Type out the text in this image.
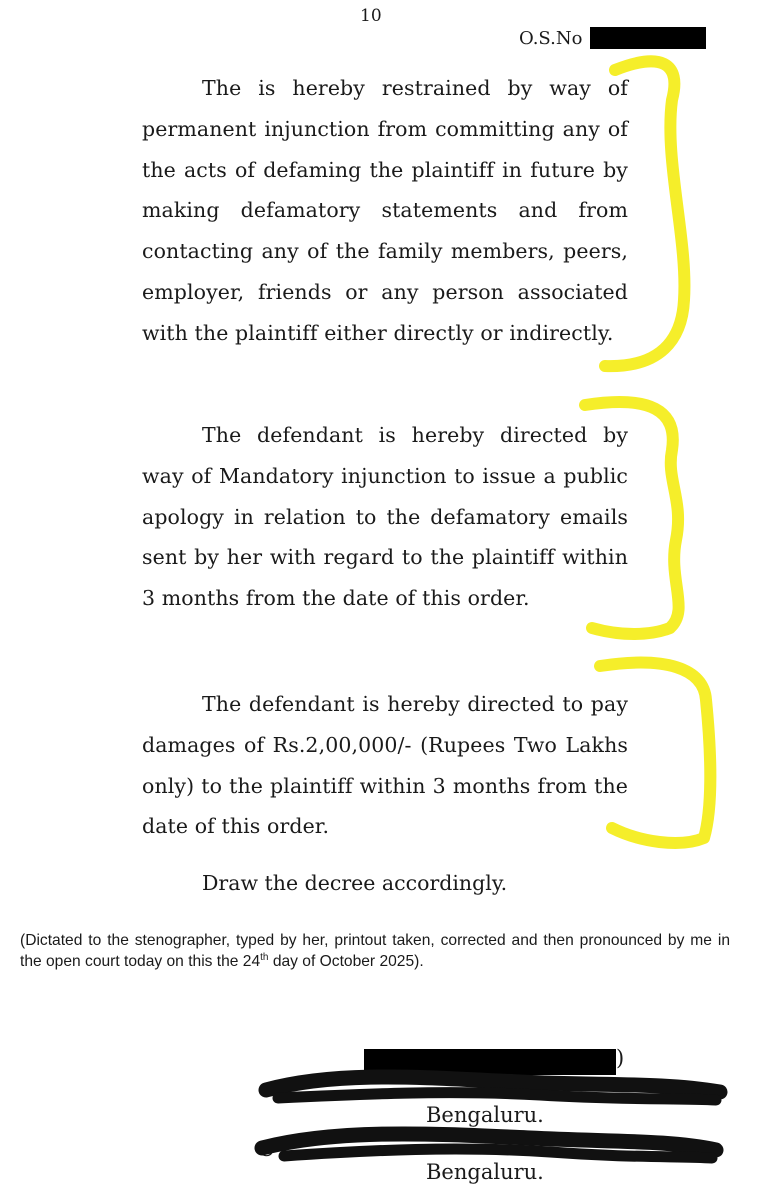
10
O.S.No
The is hereby restrained by way of permanent injunction from committing any of the acts of defaming the plaintiff in future by making defamatory statements and from contacting any of the family members, peers, employer, friends or any person associated with the plaintiff either directly or indirectly.
The defendant is hereby directed by way of Mandatory injunction to issue a public apology in relation to the defamatory emails sent by her with regard to the plaintiff within 3 months from the date of this order.
The defendant is hereby directed to pay damages of Rs.2,00,000/- (Rupees Two Lakhs only) to the plaintiff within 3 months from the date of this order.
Draw the decree accordingly.
(Dictated to the stenographer, typed by her, printout taken, corrected and then pronounced by me in the open court today on this the 24th day of October 2025).
)
,
Bengaluru.
C
Bengaluru.
